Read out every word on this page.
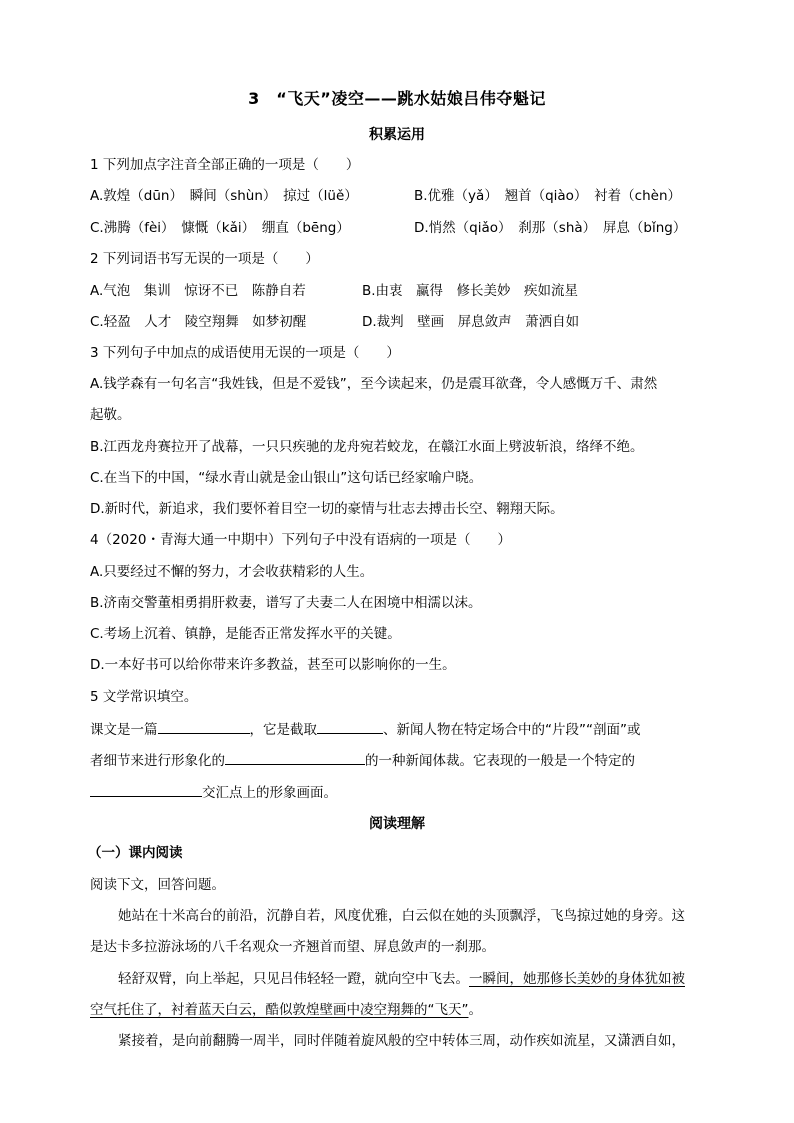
3　“飞天”凌空——跳水姑娘吕伟夺魁记
积累运用
1 下列加点字注音全部正确的一项是（　　）
A.敦煌（dūn）　瞬间（shùn）　掠过（lüě）	B.优雅（yǎ）　翘首（qiào）　衬着（chèn）
C.沸腾（fèi）　慷慨（kǎi）　绷直（bēng）	D.悄然（qiǎo）　刹那（shà）　屏息（bǐng）
2 下列词语书写无误的一项是（　　）
A.气泡　集训　惊讶不已　陈静自若	B.由衷　赢得　修长美妙　疾如流星
C.轻盈　人才　陵空翔舞　如梦初醒	D.裁判　壁画　屏息敛声　萧洒自如
3 下列句子中加点的成语使用无误的一项是（　　）
A.钱学森有一句名言“我姓钱，但是不爱钱”，至今读起来，仍是震耳欲聋，令人感慨万千、肃然
起敬。
B.江西龙舟赛拉开了战幕，一只只疾驰的龙舟宛若蛟龙，在赣江水面上劈波斩浪，络绎不绝。
C.在当下的中国，“绿水青山就是金山银山”这句话已经家喻户晓。
D.新时代，新追求，我们要怀着目空一切的豪情与壮志去搏击长空、翱翔天际。
4（2020・青海大通一中期中）下列句子中没有语病的一项是（　　）
A.只要经过不懈的努力，才会收获精彩的人生。
B.济南交警董相勇捐肝救妻，谱写了夫妻二人在困境中相濡以沫。
C.考场上沉着、镇静，是能否正常发挥水平的关键。
D.一本好书可以给你带来许多教益，甚至可以影响你的一生。
5 文学常识填空。
课文是一篇	，它是截取	、新闻人物在特定场合中的“片段”“剖面”或
者细节来进行形象化的	的一种新闻体裁。它表现的一般是一个特定的
交汇点上的形象画面。
阅读理解
（一）课内阅读
阅读下文，回答问题。
她站在十米高台的前沿，沉静自若，风度优雅，白云似在她的头顶飘浮，飞鸟掠过她的身旁。这
是达卡多拉游泳场的八千名观众一齐翘首而望、屏息敛声的一刹那。
轻舒双臂，向上举起，只见吕伟轻轻一蹬，就向空中飞去。一瞬间，她那修长美妙的身体犹如被
空气托住了，衬着蓝天白云，酷似敦煌壁画中凌空翔舞的“飞天”。
紧接着，是向前翻腾一周半，同时伴随着旋风般的空中转体三周，动作疾如流星，又潇洒自如，
